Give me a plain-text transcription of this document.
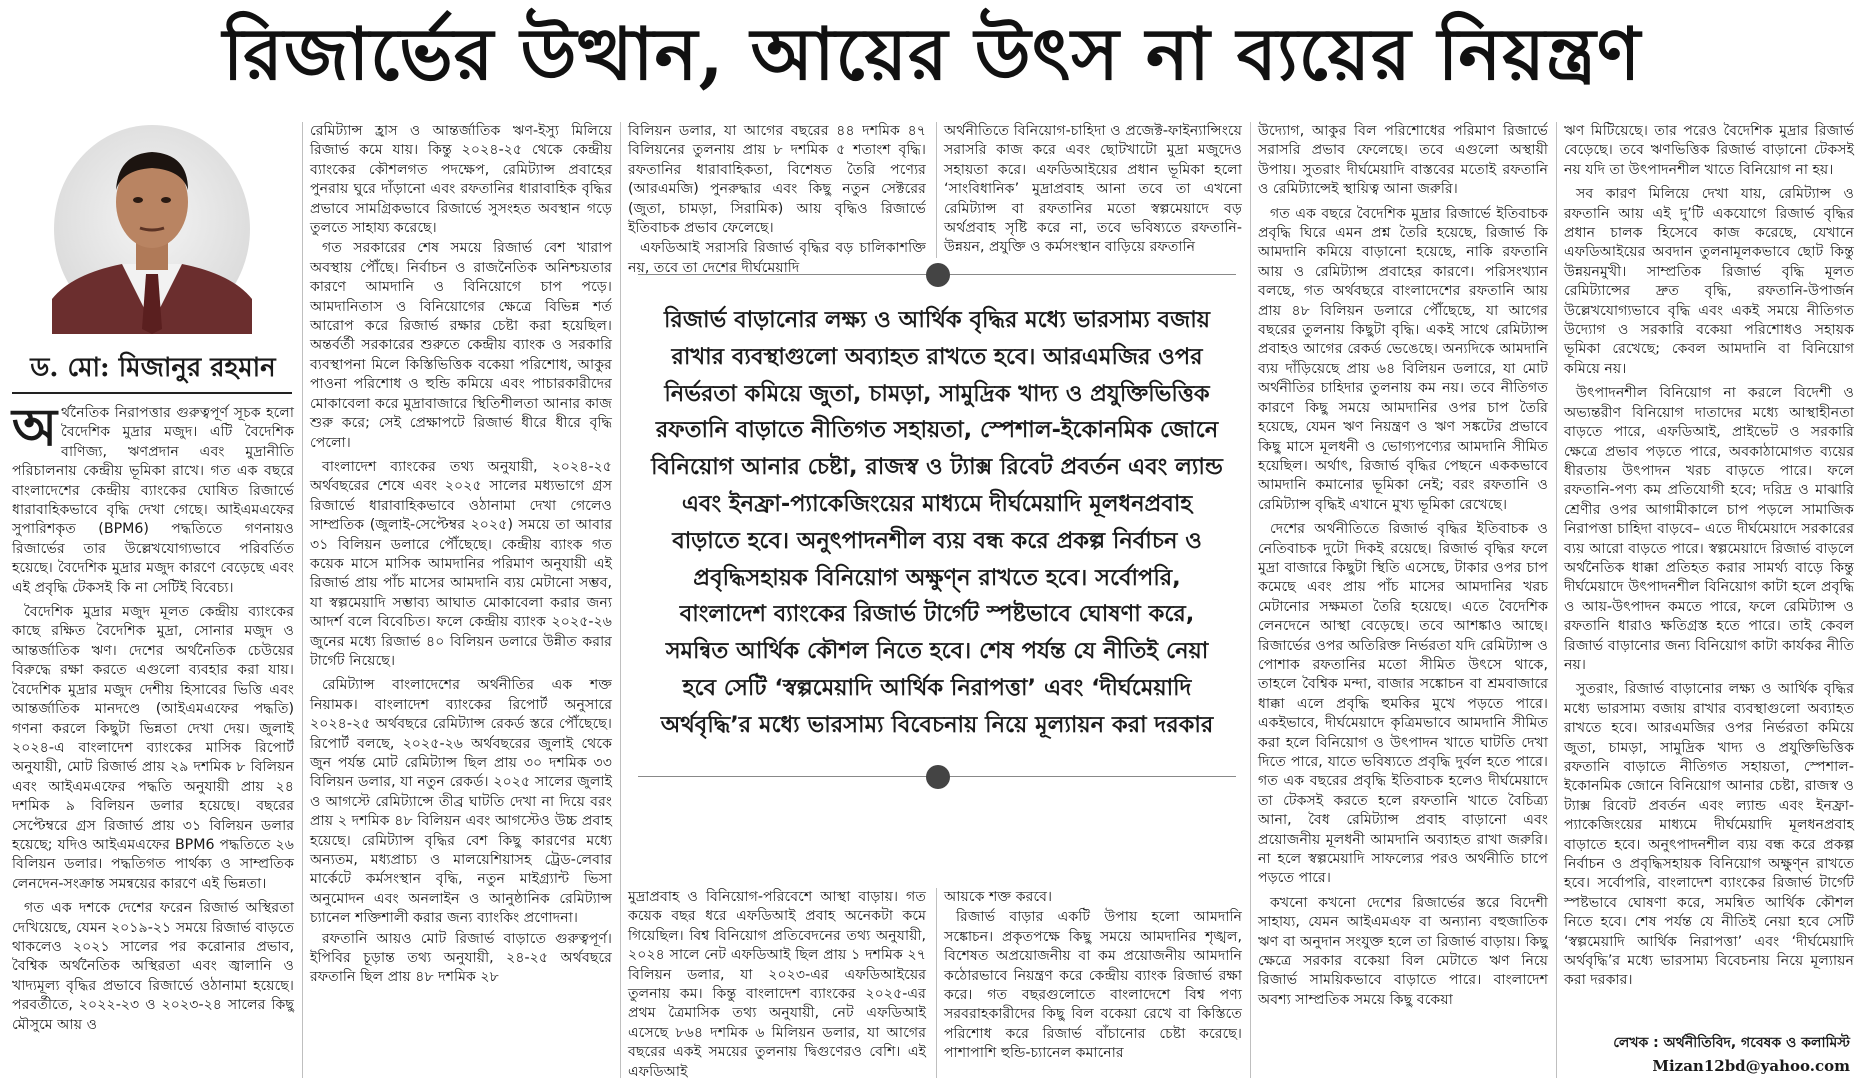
রিজার্ভের উত্থান, আয়ের উৎস না ব্যয়ের নিয়ন্ত্রণ
ড. মো: মিজানুর রহমান

অর্থনৈতিক নিরাপত্তার গুরুত্বপূর্ণ সূচক হলো বৈদেশিক মুদ্রার মজুদ। এটি বৈদেশিক বাণিজ্য, ঋণপ্রদান এবং মুদ্রানীতি পরিচালনায় কেন্দ্রীয় ভূমিকা রাখে। গত এক বছরে বাংলাদেশের কেন্দ্রীয় ব্যাংকের ঘোষিত রিজার্ভে ধারাবাহিকভাবে বৃদ্ধি দেখা গেছে। আইএমএফের সুপারিশকৃত (BPM6) পদ্ধতিতে গণনায়ও রিজার্ভের তার উল্লেখযোগ্যভাবে পরিবর্তিত হয়েছে। বৈদেশিক মুদ্রার মজুদ কারণে বেড়েছে এবং এই প্রবৃদ্ধি টেকসই কি না সেটিই বিবেচ্য।

বৈদেশিক মুদ্রার মজুদ মূলত কেন্দ্রীয় ব্যাংকের কাছে রক্ষিত বৈদেশিক মুদ্রা, সোনার মজুদ ও আন্তর্জাতিক ঋণ। দেশের অর্থনৈতিক চেউয়ের বিরুদ্ধে রক্ষা করতে এগুলো ব্যবহার করা যায়। বৈদেশিক মুদ্রার মজুদ দেশীয় হিসাবের ভিত্তি এবং আন্তর্জাতিক মানদণ্ডে (আইএমএফের পদ্ধতি) গণনা করলে কিছুটা ভিন্নতা দেখা দেয়। জুলাই ২০২৪-এ বাংলাদেশ ব্যাংকের মাসিক রিপোর্ট অনুযায়ী, মোট রিজার্ভ প্রায় ২৯ দশমিক ৮ বিলিয়ন এবং আইএমএফের পদ্ধতি অনুযায়ী প্রায় ২৪ দশমিক ৯ বিলিয়ন ডলার হয়েছে। বছরের সেপ্টেম্বরে গ্রস রিজার্ভ প্রায় ৩১ বিলিয়ন ডলার হয়েছে; যদিও আইএমএফের BPM6 পদ্ধতিতে ২৬ বিলিয়ন ডলার। পদ্ধতিগত পার্থক্য ও সাম্প্রতিক লেনদেন-সংক্রান্ত সমন্বয়ের কারণে এই ভিন্নতা।

গত এক দশকে দেশের ফরেন রিজার্ভ অস্থিরতা দেখিয়েছে, যেমন ২০১৯-২১ সময়ে রিজার্ভ বাড়তে থাকলেও ২০২১ সালের পর করোনার প্রভাব, বৈশ্বিক অর্থনৈতিক অস্থিরতা এবং জ্বালানি ও খাদ্যমূল্য বৃদ্ধির প্রভাবে রিজার্ভে ওঠানামা হয়েছে। পরবর্তীতে, ২০২২-২৩ ও ২০২৩-২৪ সালের কিছু মৌসুমে আয় ও

রেমিট্যান্স হ্রাস ও আন্তর্জাতিক ঋণ-ইস্যু মিলিয়ে রিজার্ভ কমে যায়। কিন্তু ২০২৪-২৫ থেকে কেন্দ্রীয় ব্যাংকের কৌশলগত পদক্ষেপ, রেমিট্যান্স প্রবাহের পুনরায় ঘুরে দাঁড়ানো এবং রফতানির ধারাবাহিক বৃদ্ধির প্রভাবে সামগ্রিকভাবে রিজার্ভে সুসংহত অবস্থান গড়ে তুলতে সাহায্য করেছে।

গত সরকারের শেষ সময়ে রিজার্ভ বেশ খারাপ অবস্থায় পৌঁছে। নির্বাচন ও রাজনৈতিক অনিশ্চয়তার কারণে আমদানি ও বিনিয়োগে চাপ পড়ে। আমদানিতাস ও বিনিয়োগের ক্ষেত্রে বিভিন্ন শর্ত আরোপ করে রিজার্ভ রক্ষার চেষ্টা করা হয়েছিল। অন্তর্বর্তী সরকারের শুরুতে কেন্দ্রীয় ব্যাংক ও সরকারি ব্যবস্থাপনা মিলে কিস্তিভিত্তিক বকেয়া পরিশোধ, আকুর পাওনা পরিশোধ ও হুন্ডি কমিয়ে এবং পাচারকারীদের মোকাবেলা করে মুদ্রাবাজারে স্থিতিশীলতা আনার কাজ শুরু করে; সেই প্রেক্ষাপটে রিজার্ভ ধীরে ধীরে বৃদ্ধি পেলো।

বাংলাদেশ ব্যাংকের তথ্য অনুযায়ী, ২০২৪-২৫ অর্থবছরের শেষে এবং ২০২৫ সালের মধ্যভাগে গ্রস রিজার্ভে ধারাবাহিকভাবে ওঠানামা দেখা গেলেও সাম্প্রতিক (জুলাই-সেপ্টেম্বর ২০২৫) সময়ে তা আবার ৩১ বিলিয়ন ডলারে পৌঁছেছে। কেন্দ্রীয় ব্যাংক গত কয়েক মাসে মাসিক আমদানির পরিমাণ অনুযায়ী এই রিজার্ভ প্রায় পাঁচ মাসের আমদানি ব্যয় মেটানো সম্ভব, যা স্বল্পমেয়াদি সম্ভাব্য আঘাত মোকাবেলা করার জন্য আদর্শ বলে বিবেচিত। ফলে কেন্দ্রীয় ব্যাংক ২০২৫-২৬ জুনের মধ্যে রিজার্ভ ৪০ বিলিয়ন ডলারে উন্নীত করার টার্গেট নিয়েছে।

রেমিট্যান্স বাংলাদেশের অর্থনীতির এক শক্ত নিয়ামক। বাংলাদেশ ব্যাংকের রিপোর্ট অনুসারে ২০২৪-২৫ অর্থবছরে রেমিট্যান্স রেকর্ড স্তরে পৌঁছেছে। রিপোর্ট বলছে, ২০২৫-২৬ অর্থবছরের জুলাই থেকে জুন পর্যন্ত মোট রেমিট্যান্স ছিল প্রায় ৩০ দশমিক ৩৩ বিলিয়ন ডলার, যা নতুন রেকর্ড। ২০২৫ সালের জুলাই ও আগস্টে রেমিট্যান্সে তীব্র ঘাটতি দেখা না দিয়ে বরং প্রায় ২ দশমিক ৪৮ বিলিয়ন এবং আগস্টেও উচ্চ প্রবাহ হয়েছে। রেমিট্যান্স বৃদ্ধির বেশ কিছু কারণের মধ্যে অন্যতম, মধ্যপ্রাচ্য ও মালয়েশিয়াসহ ট্রেড-লেবার মার্কেটে কর্মসংস্থান বৃদ্ধি, নতুন মাইগ্র্যান্ট ভিসা অনুমোদন এবং অনলাইন ও আনুষ্ঠানিক রেমিট্যান্স চ্যানেল শক্তিশালী করার জন্য ব্যাংকিং প্রণোদনা।

রফতানি আয়ও মোট রিজার্ভ বাড়াতে গুরুত্বপূর্ণ। ইপিবির চূড়ান্ত তথ্য অনুযায়ী, ২৪-২৫ অর্থবছরে রফতানি ছিল প্রায় ৪৮ দশমিক ২৮

বিলিয়ন ডলার, যা আগের বছরের ৪৪ দশমিক ৪৭ বিলিয়নের তুলনায় প্রায় ৮ দশমিক ৫ শতাংশ বৃদ্ধি। রফতানির ধারাবাহিকতা, বিশেষত তৈরি পণ্যের (আরএমজি) পুনরুদ্ধার এবং কিছু নতুন সেক্টরের (জুতা, চামড়া, সিরামিক) আয় বৃদ্ধিও রিজার্ভে ইতিবাচক প্রভাব ফেলেছে।

এফডিআই সরাসরি রিজার্ভ বৃদ্ধির বড় চালিকাশক্তি নয়, তবে তা দেশের দীর্ঘমেয়াদি

অর্থনীতিতে বিনিয়োগ-চাহিদা ও প্রজেক্ট-ফাইন্যান্সিংয়ে সরাসরি কাজ করে এবং ছোটখাটো মুদ্রা মজুদেও সহায়তা করে। এফডিআইয়ের প্রধান ভূমিকা হলো ‘সাংবিধানিক’ মুদ্রাপ্রবাহ আনা তবে তা এখনো রেমিট্যান্স বা রফতানির মতো স্বল্পমেয়াদে বড় অর্থপ্রবাহ সৃষ্টি করে না, তবে ভবিষ্যতে রফতানি-উন্নয়ন, প্রযুক্তি ও কর্মসংস্থান বাড়িয়ে রফতানি

রিজার্ভ বাড়ানোর লক্ষ্য ও আর্থিক বৃদ্ধির মধ্যে ভারসাম্য বজায় রাখার ব্যবস্থাগুলো অব্যাহত রাখতে হবে। আরএমজির ওপর নির্ভরতা কমিয়ে জুতা, চামড়া, সামুদ্রিক খাদ্য ও প্রযুক্তিভিত্তিক রফতানি বাড়াতে নীতিগত সহায়তা, স্পেশাল-ইকোনমিক জোনে বিনিয়োগ আনার চেষ্টা, রাজস্ব ও ট্যাক্স রিবেট প্রবর্তন এবং ল্যান্ড এবং ইনফ্রা-প্যাকেজিংয়ের মাধ্যমে দীর্ঘমেয়াদি মূলধনপ্রবাহ বাড়াতে হবে। অনুৎপাদনশীল ব্যয় বন্ধ করে প্রকল্প নির্বাচন ও প্রবৃদ্ধিসহায়ক বিনিয়োগ অক্ষুণ্ন রাখতে হবে। সর্বোপরি, বাংলাদেশ ব্যাংকের রিজার্ভ টার্গেট স্পষ্টভাবে ঘোষণা করে, সমন্বিত আর্থিক কৌশল নিতে হবে। শেষ পর্যন্ত যে নীতিই নেয়া হবে সেটি ‘স্বল্পমেয়াদি আর্থিক নিরাপত্তা’ এবং ‘দীর্ঘমেয়াদি অর্থবৃদ্ধি’র মধ্যে ভারসাম্য বিবেচনায় নিয়ে মূল্যায়ন করা দরকার

মুদ্রাপ্রবাহ ও বিনিয়োগ-পরিবেশে আস্থা বাড়ায়। গত কয়েক বছর ধরে এফডিআই প্রবাহ অনেকটা কমে গিয়েছিল। বিশ্ব বিনিয়োগ প্রতিবেদনের তথ্য অনুযায়ী, ২০২৪ সালে নেট এফডিআই ছিল প্রায় ১ দশমিক ২৭ বিলিয়ন ডলার, যা ২০২৩-এর এফডিআইয়ের তুলনায় কম। কিন্তু বাংলাদেশ ব্যাংকের ২০২৫-এর প্রথম ত্রৈমাসিক তথ্য অনুযায়ী, নেট এফডিআই এসেছে ৮৬৪ দশমিক ৬ মিলিয়ন ডলার, যা আগের বছরের একই সময়ের তুলনায় দ্বিগুণেরও বেশি। এই এফডিআই

আয়কে শক্ত করবে।

রিজার্ভ বাড়ার একটি উপায় হলো আমদানি সঙ্কোচন। প্রকৃতপক্ষে কিছু সময়ে আমদানির শৃঙ্খল, বিশেষত অপ্রয়োজনীয় বা কম প্রয়োজনীয় আমদানি কঠোরভাবে নিয়ন্ত্রণ করে কেন্দ্রীয় ব্যাংক রিজার্ভ রক্ষা করে। গত বছরগুলোতে বাংলাদেশে বিশ্ব পণ্য সরবরাহকারীদের কিছু বিল বকেয়া রেখে বা কিস্তিতে পরিশোধ করে রিজার্ভ বাঁচানোর চেষ্টা করেছে। পাশাপাশি হুন্ডি-চ্যানেল কমানোর

উদ্যোগ, আকুর বিল পরিশোধের পরিমাণ রিজার্ভে সরাসরি প্রভাব ফেলেছে। তবে এগুলো অস্থায়ী উপায়। সুতরাং দীর্ঘমেয়াদি বাস্তবের মতোই রফতানি ও রেমিট্যান্সেই স্থায়িত্ব আনা জরুরি।

গত এক বছরে বৈদেশিক মুদ্রার রিজার্ভে ইতিবাচক প্রবৃদ্ধি ঘিরে এমন প্রশ্ন তৈরি হয়েছে, রিজার্ভ কি আমদানি কমিয়ে বাড়ানো হয়েছে, নাকি রফতানি আয় ও রেমিট্যান্স প্রবাহের কারণে। পরিসংখ্যান বলছে, গত অর্থবছরে বাংলাদেশের রফতানি আয় প্রায় ৪৮ বিলিয়ন ডলারে পৌঁছেছে, যা আগের বছরের তুলনায় কিছুটা বৃদ্ধি। একই সাথে রেমিট্যান্স প্রবাহও আগের রেকর্ড ভেঙেছে। অন্যদিকে আমদানি ব্যয় দাঁড়িয়েছে প্রায় ৬৪ বিলিয়ন ডলারে, যা মোট অর্থনীতির চাহিদার তুলনায় কম নয়। তবে নীতিগত কারণে কিছু সময়ে আমদানির ওপর চাপ তৈরি হয়েছে, যেমন ঋণ নিয়ন্ত্রণ ও ঋণ সঙ্কটের প্রভাবে কিছু মাসে মূলধনী ও ভোগ্যপণ্যের আমদানি সীমিত হয়েছিল। অর্থাৎ, রিজার্ভ বৃদ্ধির পেছনে এককভাবে আমদানি কমানোর ভূমিকা নেই; বরং রফতানি ও রেমিট্যান্স বৃদ্ধিই এখানে মুখ্য ভূমিকা রেখেছে।

দেশের অর্থনীতিতে রিজার্ভ বৃদ্ধির ইতিবাচক ও নেতিবাচক দুটো দিকই রয়েছে। রিজার্ভ বৃদ্ধির ফলে মুদ্রা বাজারে কিছুটা স্থিতি এসেছে, টাকার ওপর চাপ কমেছে এবং প্রায় পাঁচ মাসের আমদানির খরচ মেটানোর সক্ষমতা তৈরি হয়েছে। এতে বৈদেশিক লেনদেনে আস্থা বেড়েছে। তবে আশঙ্কাও আছে। রিজার্ভের ওপর অতিরিক্ত নির্ভরতা যদি রেমিট্যান্স ও পোশাক রফতানির মতো সীমিত উৎসে থাকে, তাহলে বৈশ্বিক মন্দা, বাজার সঙ্কোচন বা শ্রমবাজারে ধাক্কা এলে প্রবৃদ্ধি হুমকির মুখে পড়তে পারে। একইভাবে, দীর্ঘমেয়াদে কৃত্রিমভাবে আমদানি সীমিত করা হলে বিনিয়োগ ও উৎপাদন খাতে ঘাটতি দেখা দিতে পারে, যাতে ভবিষ্যতে প্রবৃদ্ধি দুর্বল হতে পারে। গত এক বছরের প্রবৃদ্ধি ইতিবাচক হলেও দীর্ঘমেয়াদে তা টেকসই করতে হলে রফতানি খাতে বৈচিত্র্য আনা, বৈধ রেমিট্যান্স প্রবাহ বাড়ানো এবং প্রয়োজনীয় মূলধনী আমদানি অব্যাহত রাখা জরুরি। না হলে স্বল্পমেয়াদি সাফল্যের পরও অর্থনীতি চাপে পড়তে পারে।

কখনো কখনো দেশের রিজার্ভের স্তরে বিদেশী সাহায্য, যেমন আইএমএফ বা অন্যান্য বহুজাতিক ঋণ বা অনুদান সংযুক্ত হলে তা রিজার্ভ বাড়ায়। কিছু ক্ষেত্রে সরকার বকেয়া বিল মেটাতে ঋণ নিয়ে রিজার্ভ সাময়িকভাবে বাড়াতে পারে। বাংলাদেশ অবশ্য সাম্প্রতিক সময়ে কিছু বকেয়া

ঋণ মিটিয়েছে। তার পরেও বৈদেশিক মুদ্রার রিজার্ভ বেড়েছে। তবে ঋণভিত্তিক রিজার্ভ বাড়ানো টেকসই নয় যদি তা উৎপাদনশীল খাতে বিনিয়োগ না হয়।

সব কারণ মিলিয়ে দেখা যায়, রেমিট্যান্স ও রফতানি আয় এই দু’টি একযোগে রিজার্ভ বৃদ্ধির প্রধান চালক হিসেবে কাজ করেছে, যেখানে এফডিআইয়ের অবদান তুলনামূলকভাবে ছোট কিন্তু উন্নয়নমুখী। সাম্প্রতিক রিজার্ভ বৃদ্ধি মূলত রেমিট্যান্সের দ্রুত বৃদ্ধি, রফতানি-উপার্জন উল্লেখযোগ্যভাবে বৃদ্ধি এবং একই সময়ে নীতিগত উদ্যোগ ও সরকারি বকেয়া পরিশোধও সহায়ক ভূমিকা রেখেছে; কেবল আমদানি বা বিনিয়োগ কমিয়ে নয়।

উৎপাদনশীল বিনিয়োগ না করলে বিদেশী ও অভ্যন্তরীণ বিনিয়োগ দাতাদের মধ্যে আস্থাহীনতা বাড়তে পারে, এফডিআই, প্রাইভেট ও সরকারি ক্ষেত্রে প্রভাব পড়তে পারে, অবকাঠামোগত ব্যয়ের ধীরতায় উৎপাদন খরচ বাড়তে পারে। ফলে রফতানি-পণ্য কম প্রতিযোগী হবে; দরিদ্র ও মাঝারি শ্রেণীর ওপর আগামীকালে চাপ পড়লে সামাজিক নিরাপত্তা চাহিদা বাড়বে– এতে দীর্ঘমেয়াদে সরকারের ব্যয় আরো বাড়তে পারে। স্বল্পমেয়াদে রিজার্ভ বাড়লে অর্থনৈতিক ধাক্কা প্রতিহত করার সামর্থ্য বাড়ে কিন্তু দীর্ঘমেয়াদে উৎপাদনশীল বিনিয়োগ কাটা হলে প্রবৃদ্ধি ও আয়-উৎপাদন কমতে পারে, ফলে রেমিট্যান্স ও রফতানি ধারাও ক্ষতিগ্রস্ত হতে পারে। তাই কেবল রিজার্ভ বাড়ানোর জন্য বিনিয়োগ কাটা কার্যকর নীতি নয়।

সুতরাং, রিজার্ভ বাড়ানোর লক্ষ্য ও আর্থিক বৃদ্ধির মধ্যে ভারসাম্য বজায় রাখার ব্যবস্থাগুলো অব্যাহত রাখতে হবে। আরএমজির ওপর নির্ভরতা কমিয়ে জুতা, চামড়া, সামুদ্রিক খাদ্য ও প্রযুক্তিভিত্তিক রফতানি বাড়াতে নীতিগত সহায়তা, স্পেশাল-ইকোনমিক জোনে বিনিয়োগ আনার চেষ্টা, রাজস্ব ও ট্যাক্স রিবেট প্রবর্তন এবং ল্যান্ড এবং ইনফ্রা-প্যাকেজিংয়ের মাধ্যমে দীর্ঘমেয়াদি মূলধনপ্রবাহ বাড়াতে হবে। অনুৎপাদনশীল ব্যয় বন্ধ করে প্রকল্প নির্বাচন ও প্রবৃদ্ধিসহায়ক বিনিয়োগ অক্ষুণ্ন রাখতে হবে। সর্বোপরি, বাংলাদেশ ব্যাংকের রিজার্ভ টার্গেট স্পষ্টভাবে ঘোষণা করে, সমন্বিত আর্থিক কৌশল নিতে হবে। শেষ পর্যন্ত যে নীতিই নেয়া হবে সেটি ‘স্বল্পমেয়াদি আর্থিক নিরাপত্তা’ এবং ‘দীর্ঘমেয়াদি অর্থবৃদ্ধি’র মধ্যে ভারসাম্য বিবেচনায় নিয়ে মূল্যায়ন করা দরকার।

লেখক : অর্থনীতিবিদ, গবেষক ও কলামিস্ট
Mizan12bd@yahoo.com
